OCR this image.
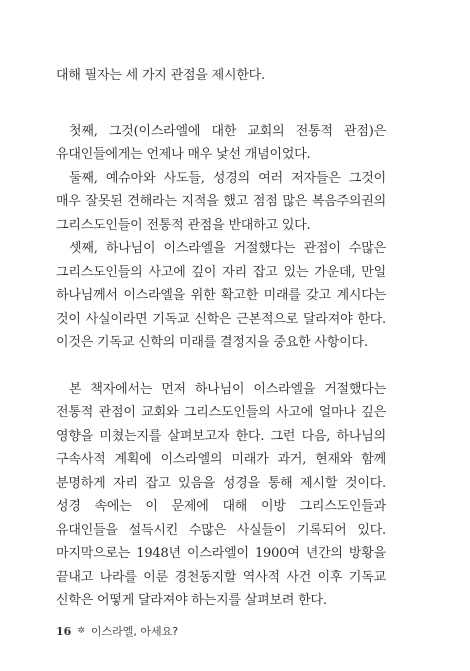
대해 필자는 세 가지 관점을 제시한다.

첫째, 그것(이스라엘에 대한 교회의 전통적 관점)은 유대인들에게는 언제나 매우 낯선 개념이었다.

둘째, 예슈아와 사도들, 성경의 여러 저자들은 그것이 매우 잘못된 견해라는 지적을 했고 점점 많은 복음주의권의 그리스도인들이 전통적 관점을 반대하고 있다.

셋째, 하나님이 이스라엘을 거절했다는 관점이 수많은 그리스도인들의 사고에 깊이 자리 잡고 있는 가운데, 만일 하나님께서 이스라엘을 위한 확고한 미래를 갖고 계시다는 것이 사실이라면 기독교 신학은 근본적으로 달라져야 한다. 이것은 기독교 신학의 미래를 결정지을 중요한 사항이다.

본 책자에서는 먼저 하나님이 이스라엘을 거절했다는 전통적 관점이 교회와 그리스도인들의 사고에 얼마나 깊은 영향을 미쳤는지를 살펴보고자 한다. 그런 다음, 하나님의 구속사적 계획에 이스라엘의 미래가 과거, 현재와 함께 분명하게 자리 잡고 있음을 성경을 통해 제시할 것이다. 성경 속에는 이 문제에 대해 이방 그리스도인들과 유대인들을 설득시킨 수많은 사실들이 기록되어 있다. 마지막으로는 1948년 이스라엘이 1900여 년간의 방황을 끝내고 나라를 이룬 경천동지할 역사적 사건 이후 기독교 신학은 어떻게 달라져야 하는지를 살펴보려 한다.

16 ✲ 이스라엘, 아세요?
